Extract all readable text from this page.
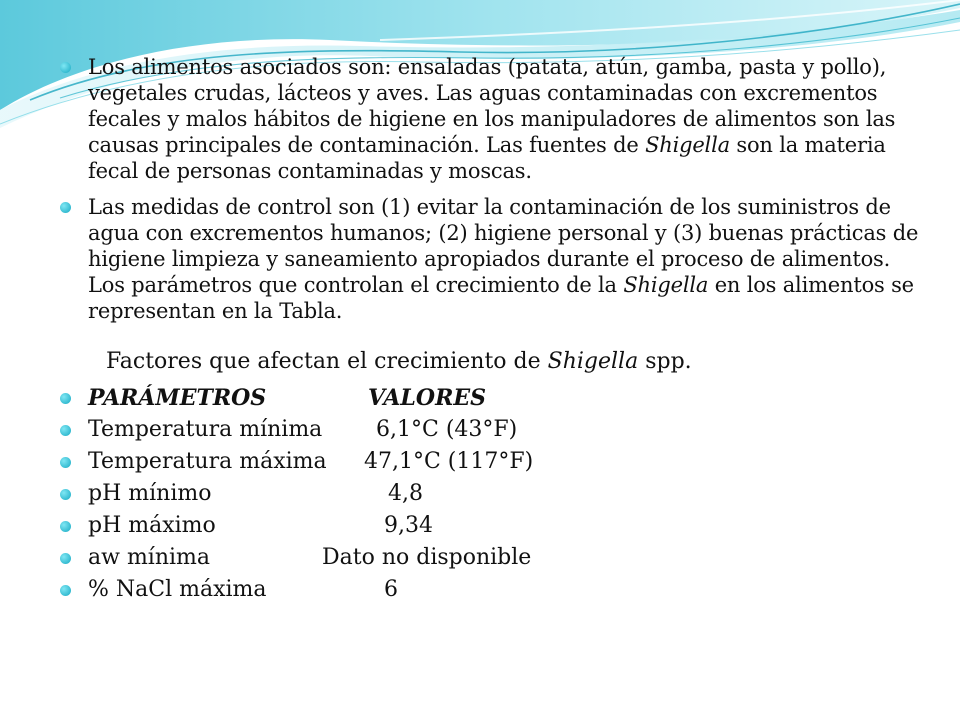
Los alimentos asociados son: ensaladas (patata, atún, gamba, pasta y pollo), vegetales crudas, lácteos y aves. Las aguas contaminadas con excrementos fecales y malos hábitos de higiene en los manipuladores de alimentos son las causas principales de contaminación. Las fuentes de Shigella son la materia fecal de personas contaminadas y moscas.

Las medidas de control son (1) evitar la contaminación de los suministros de agua con excrementos humanos; (2) higiene personal y (3) buenas prácticas de higiene limpieza y saneamiento apropiados durante el proceso de alimentos. Los parámetros que controlan el crecimiento de la Shigella en los alimentos se representan en la Tabla.

Factores que afectan el crecimiento de Shigella spp.
PARÁMETROS	VALORES
Temperatura mínima 6,1°C (43°F)
Temperatura máxima 47,1°C (117°F)
pH mínimo	4,8
pH máximo	9,34
aw mínima	Dato no disponible
% NaCl máxima	6
